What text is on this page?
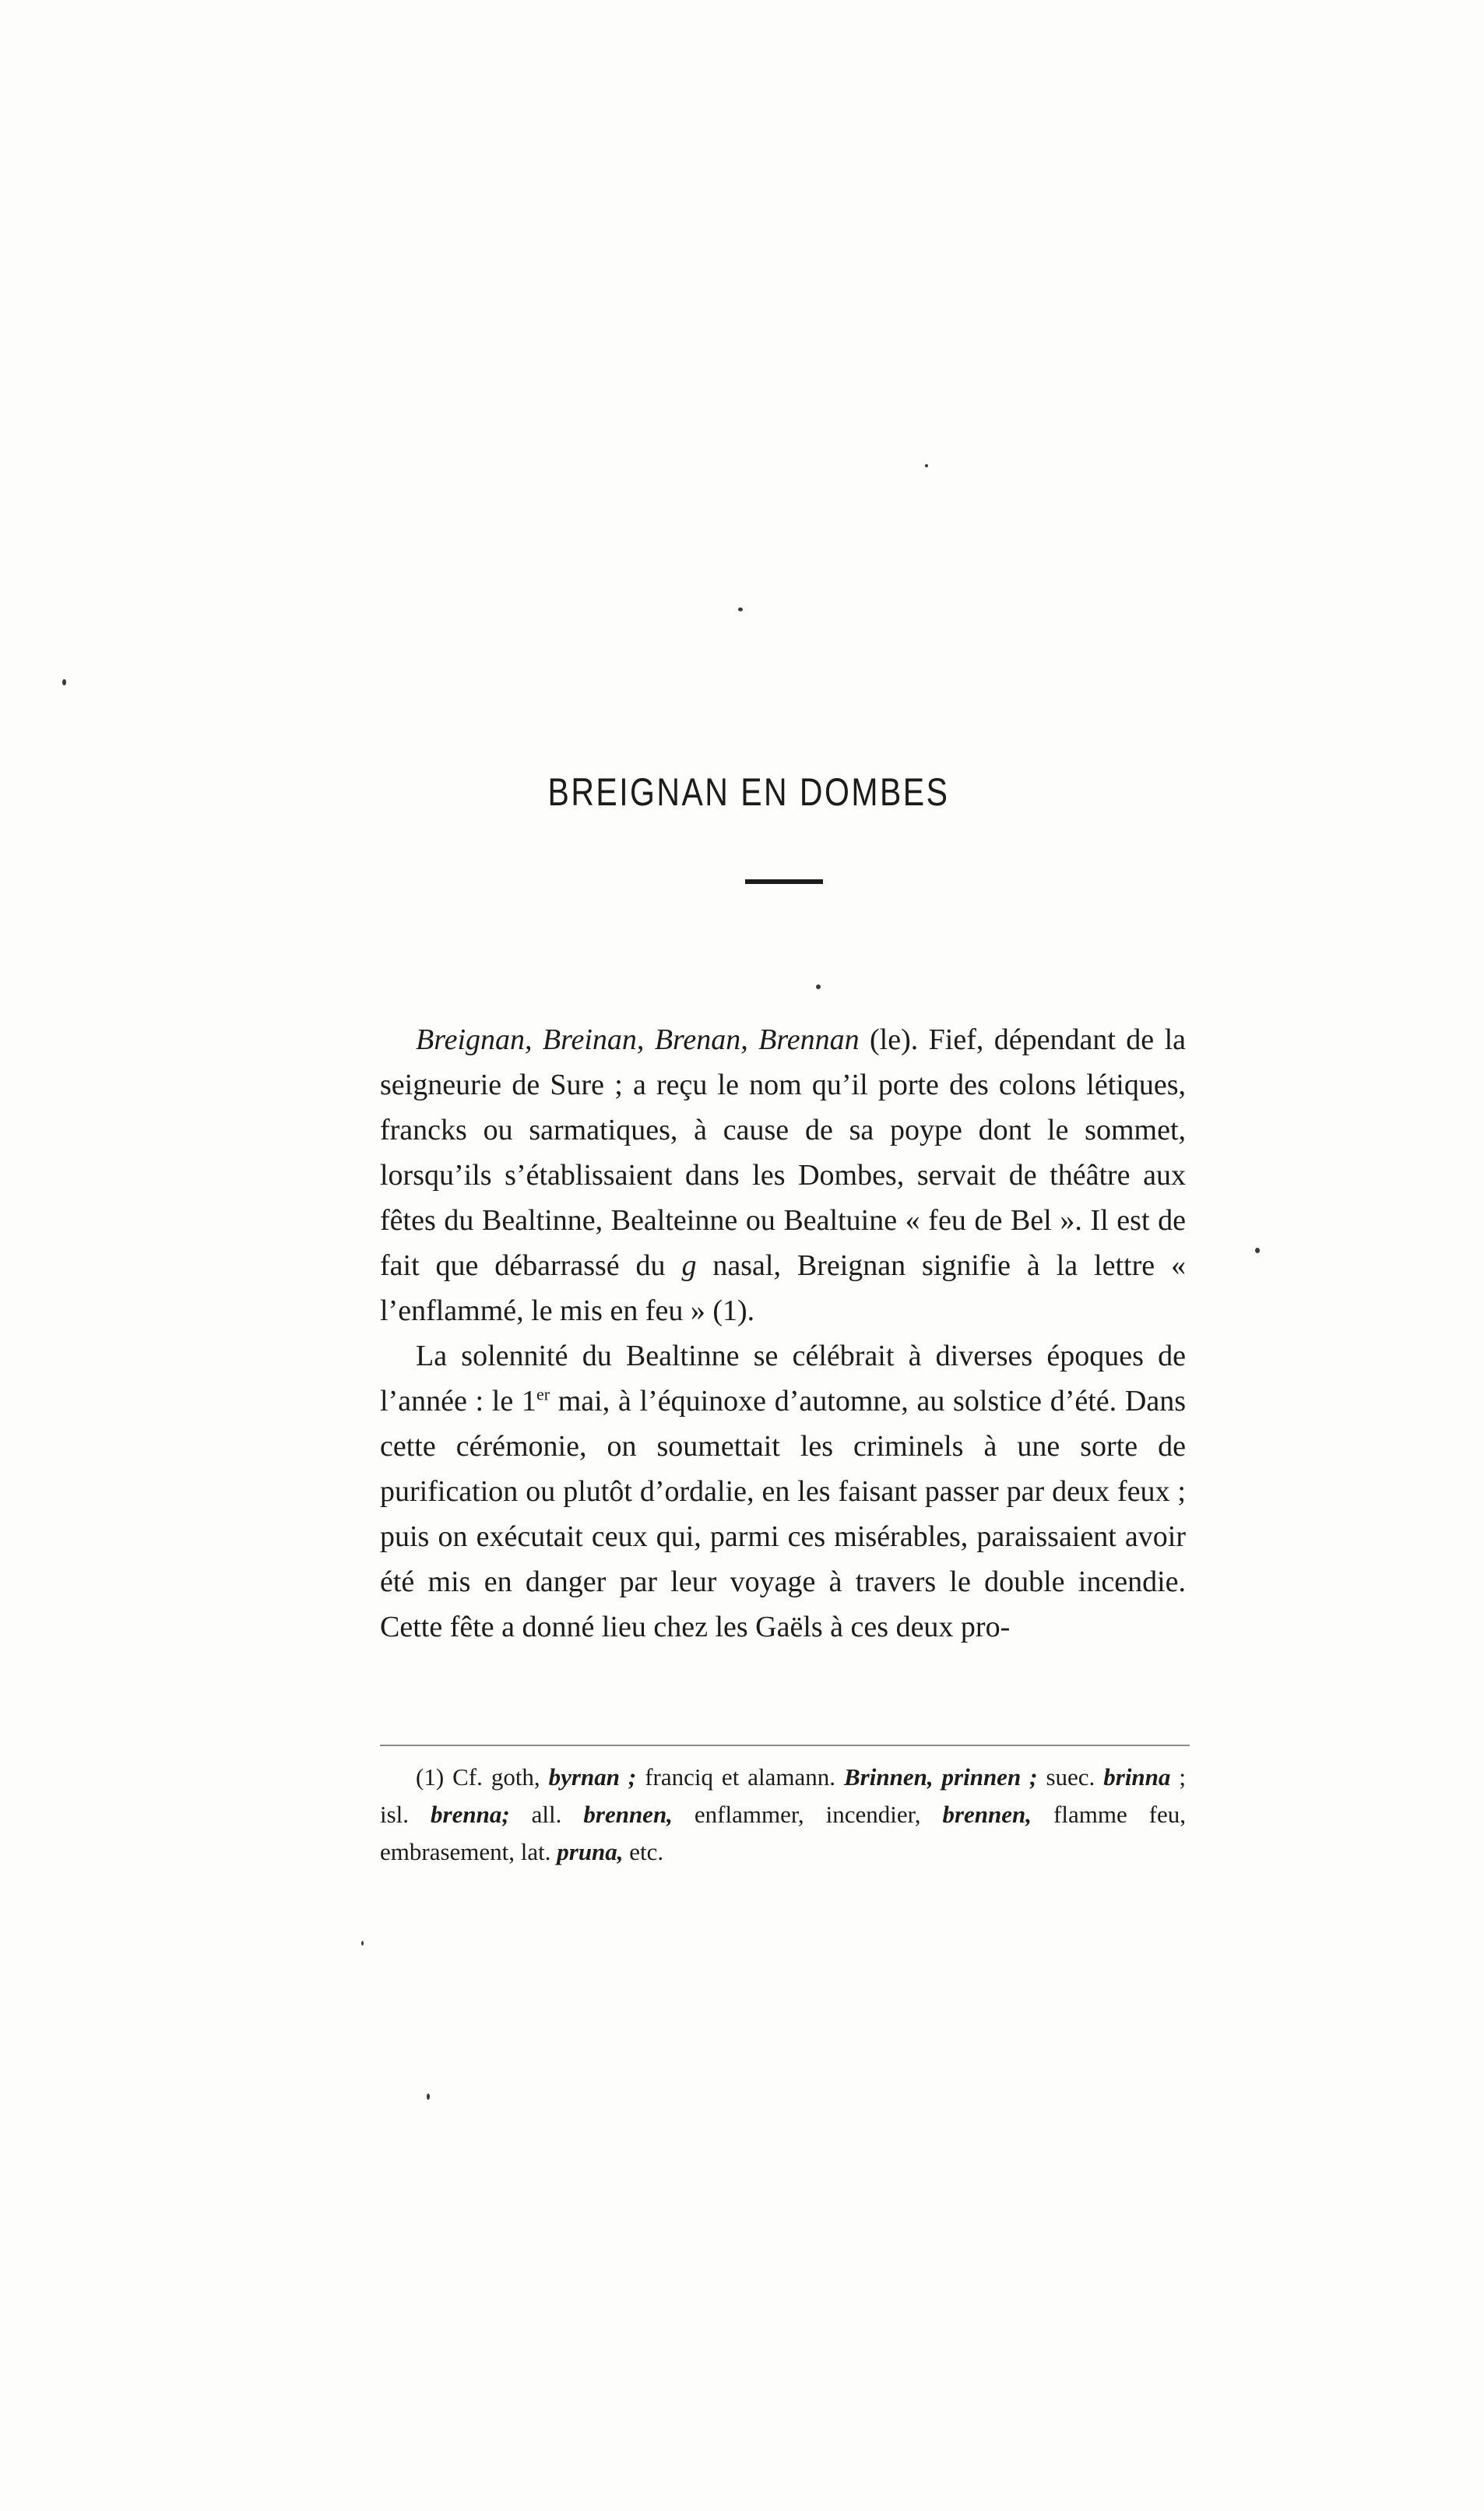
BREIGNAN EN DOMBES

Breignan, Breinan, Brenan, Brennan (le). Fief, dépendant de la seigneurie de Sure ; a reçu le nom qu’il porte des colons létiques, francks ou sarmatiques, à cause de sa poype dont le sommet, lorsqu’ils s’établissaient dans les Dombes, servait de théâtre aux fêtes du Bealtinne, Bealteinne ou Bealtuine « feu de Bel ». Il est de fait que débarrassé du g nasal, Breignan signifie à la lettre « l’enflammé, le mis en feu » (1).

La solennité du Bealtinne se célébrait à diverses époques de l’année : le 1er mai, à l’équinoxe d’automne, au solstice d’été. Dans cette cérémonie, on soumettait les criminels à une sorte de purification ou plutôt d’ordalie, en les faisant passer par deux feux ; puis on exécutait ceux qui, parmi ces misérables, paraissaient avoir été mis en danger par leur voyage à travers le double incendie. Cette fête a donné lieu chez les Gaëls à ces deux pro-

(1) Cf. goth, byrnan ; franciq et alamann. Brinnen, prinnen ; suec. brinna ; isl. brenna; all. brennen, enflammer, incendier, brennen, flamme feu, embrasement, lat. pruna, etc.
